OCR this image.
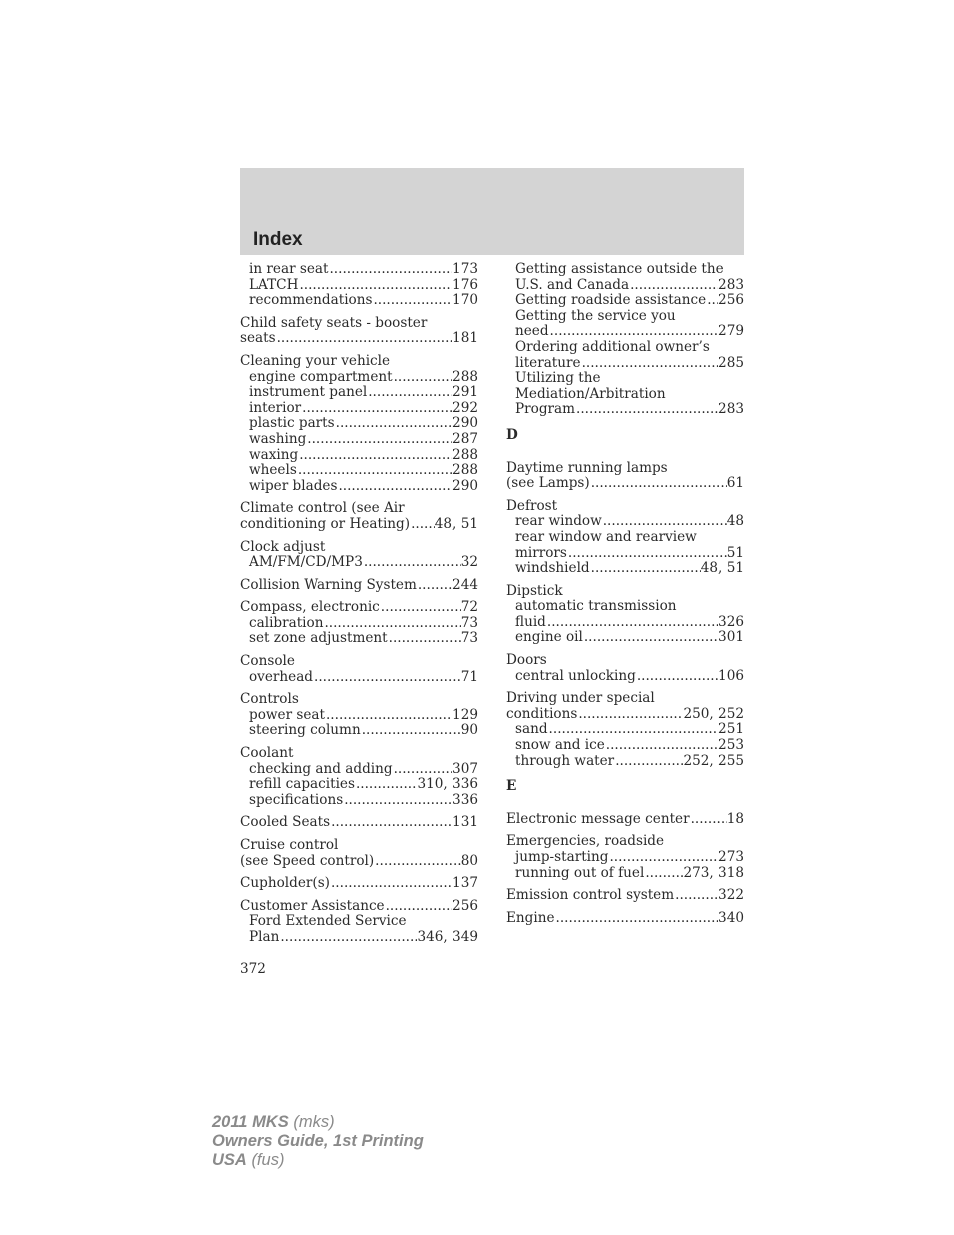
Index
in rear seat .....	173
LATCH .....	176
recommendations .....	170
Child safety seats - booster
seats .....	181
Cleaning your vehicle
engine compartment .....	288
instrument panel .....	291
interior .....	292
plastic parts .....	290
washing .....	287
waxing .....	288
wheels .....	288
wiper blades .....	290
Climate control (see Air
conditioning or Heating) ..... 48, 51
Clock adjust
AM/FM/CD/MP3 .....	32
Collision Warning System .....	244
Compass, electronic .....	72
calibration .....	73
set zone adjustment .....	73
Console
overhead .....	71
Controls
power seat .....	129
steering column .....	90
Coolant
checking and adding .....	307
refill capacities .....	310, 336
specifications .....	336
Cooled Seats .....	131
Cruise control
(see Speed control) .....	80
Cupholder(s) .....	137
Customer Assistance .....	256
Ford Extended Service
Plan .....	346, 349
Getting assistance outside the
U.S. and Canada .....	283
Getting roadside assistance ..... 256
Getting the service you
need .....	279
Ordering additional owner’s
literature .....	285
Utilizing the
Mediation/Arbitration
Program .....	283
D
Daytime running lamps
(see Lamps) .....	61
Defrost
rear window .....	48
rear window and rearview
mirrors .....	51
windshield .....	48, 51
Dipstick
automatic transmission
fluid .....	326
engine oil .....	301
Doors
central unlocking .....	106
Driving under special
conditions .....	250, 252
sand .....	251
snow and ice .....	253
through water .....	252, 255
E
Electronic message center .....	18
Emergencies, roadside
jump-starting .....	273
running out of fuel .....	273, 318
Emission control system .....	322
Engine .....	340
372
2011 MKS (mks)
Owners Guide, 1st Printing
USA (fus)
